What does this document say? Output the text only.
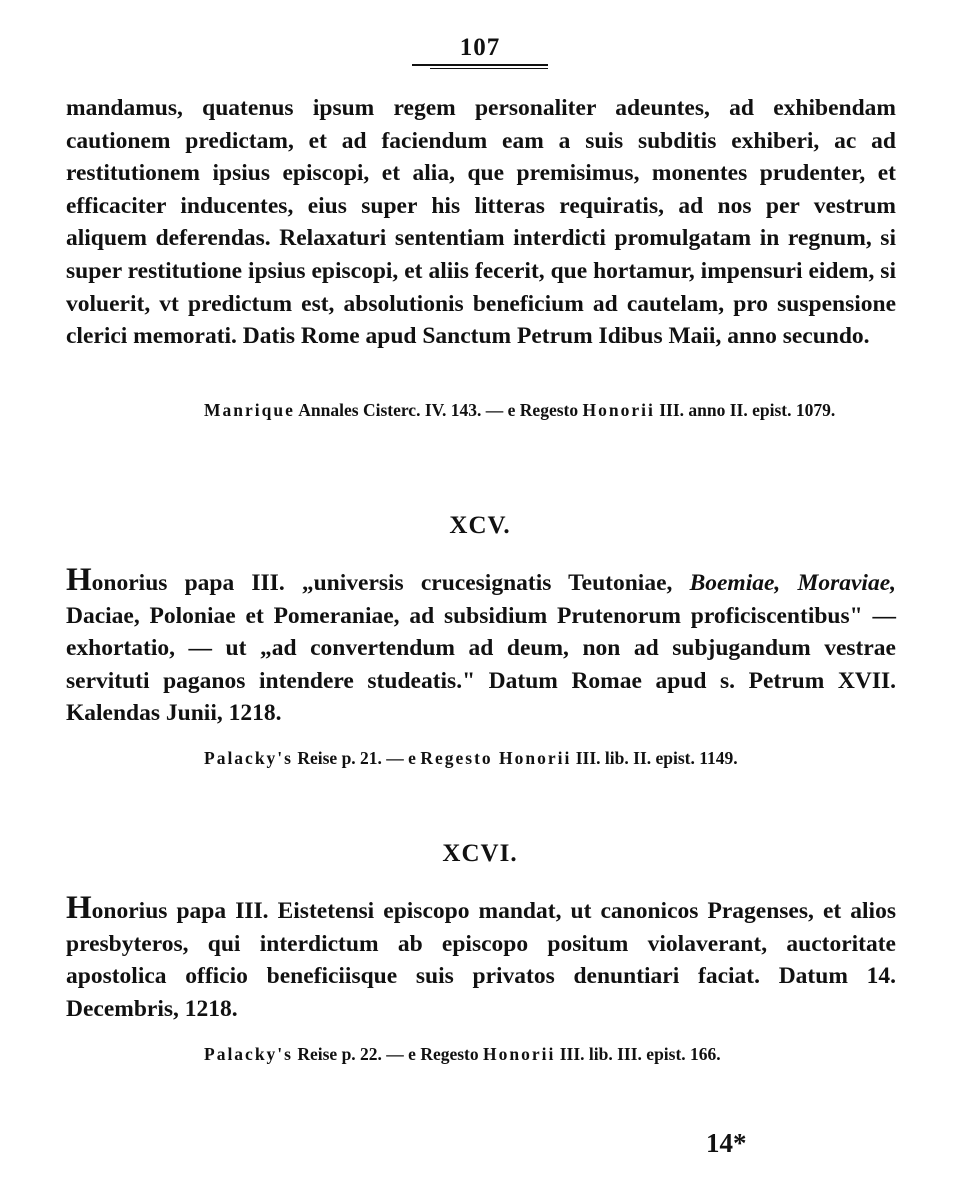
107

mandamus, quatenus ipsum regem personaliter adeuntes, ad exhibendam cautionem predictam, et ad faciendum eam a suis subditis exhiberi, ac ad restitutionem ipsius episcopi, et alia, que premisimus, monentes prudenter, et efficaciter inducentes, eius super his litteras requiratis, ad nos per vestrum aliquem deferendas. Relaxaturi sententiam interdicti promulgatam in regnum, si super restitutione ipsius episcopi, et aliis fecerit, que hortamur, impensuri eidem, si voluerit, vt predictum est, absolutionis beneficium ad cautelam, pro suspensione clerici memorati. Datis Rome apud Sanctum Petrum Idibus Maii, anno secundo.

Manrique Annales Cisterc. IV. 143. — e Regesto Honorii III. anno II. epist. 1079.

XCV.

Honorius papa III. „universis crucesignatis Teutoniae, Boemiae, Moraviae, Daciae, Poloniae et Pomeraniae, ad subsidium Prutenorum proficiscentibus" — exhortatio, — ut „ad convertendum ad deum, non ad subjugandum vestrae servituti paganos intendere studeatis." Datum Romae apud s. Petrum XVII. Kalendas Junii, 1218.

Palacky's Reise p. 21. — e Regesto Honorii III. lib. II. epist. 1149.

XCVI.

Honorius papa III. Eistetensi episcopo mandat, ut canonicos Pragenses, et alios presbyteros, qui interdictum ab episcopo positum violaverant, auctoritate apostolica officio beneficiisque suis privatos denuntiari faciat. Datum 14. Decembris, 1218.

Palacky's Reise p. 22. — e Regesto Honorii III. lib. III. epist. 166.

14*
